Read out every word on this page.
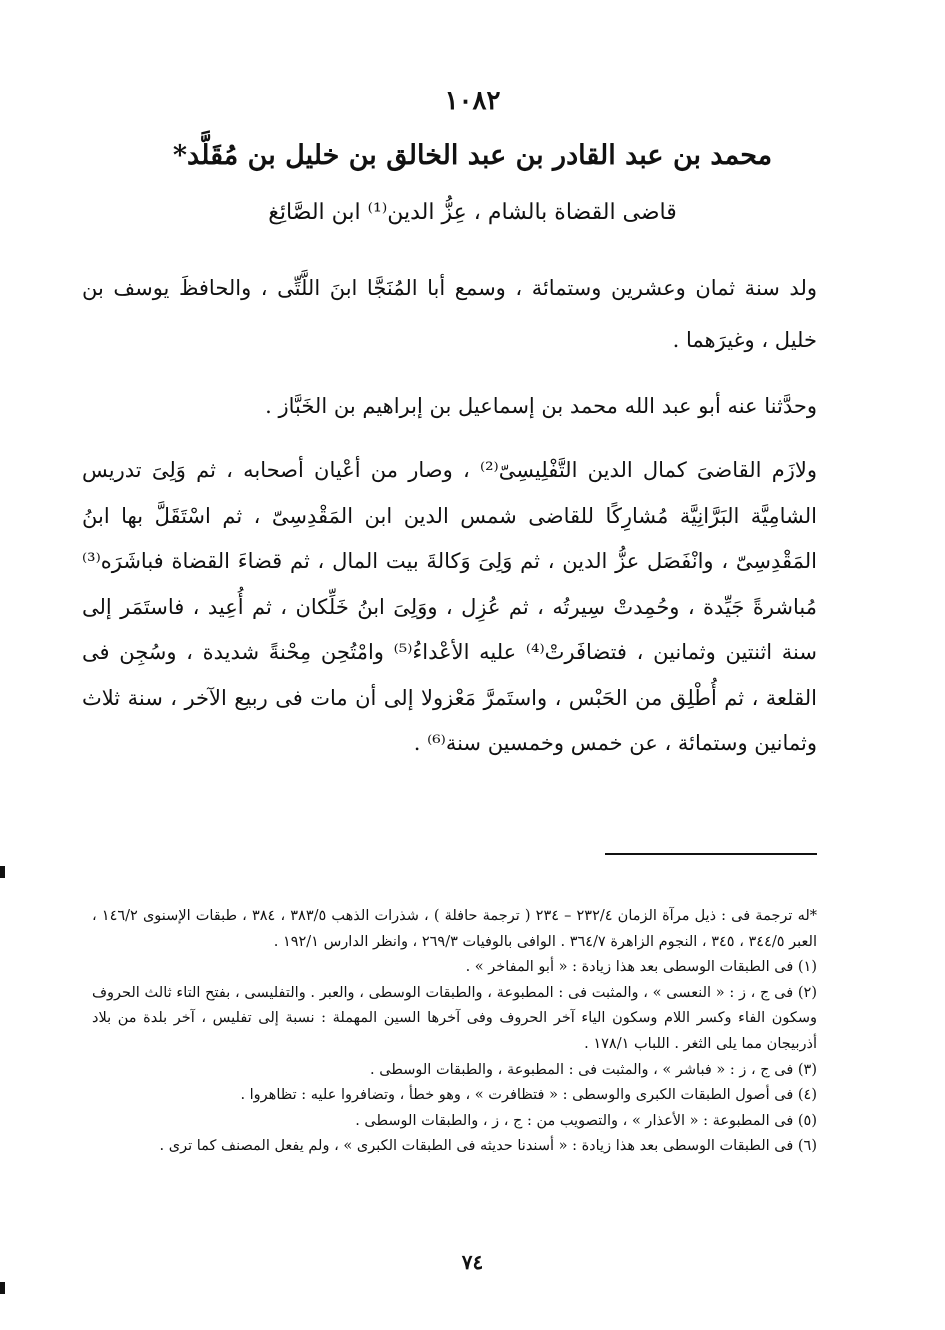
١٠٨٢
محمد بن عبد القادر بن عبد الخالق بن خليل بن مُقَلَّد*
قاضى القضاة بالشام ، عِزُّ الدين⁽¹⁾ ابن الصَّائِغ
ولد سنة ثمان وعشرين وستمائة ، وسمع أبا المُنَجَّا ابنَ اللَّتِّى ، والحافظَ يوسف بن خليل ، وغيرَهما .
وحدَّثنا عنه أبو عبد الله محمد بن إسماعيل بن إبراهيم بن الخَبَّاز .
ولازَم القاضىَ كمال الدين التَّفْلِيسِىّ⁽²⁾ ، وصار من أعْيان أصحابه ، ثم وَلِىَ تدريس الشامِيَّة البَرَّانِيَّة مُشارِكًا للقاضى شمس الدين ابن المَقْدِسِىّ ، ثم اسْتَقَلَّ بها ابنُ المَقْدِسِىّ ، وانْفَصَل عزُّ الدين ، ثم وَلِىَ وَكالةَ بيت المال ، ثم قضاءَ القضاة فباشَرَه⁽³⁾ مُباشرةً جَيِّدة ، وحُمِدتْ سِيرتُه ، ثم عُزِل ، ووَلِىَ ابنُ خَلِّكان ، ثم أُعِيد ، فاستَمَر إلى سنة اثنتين وثمانين ، فتضافَرتْ⁽⁴⁾ عليه الأعْداءُ⁽⁵⁾ وامْتُحِن مِحْنةً شديدة ، وسُجِن فى القلعة ، ثم أُطْلِق من الحَبْس ، واستَمرَّ مَعْزولا إلى أن مات فى ربيع الآخر ، سنة ثلاث وثمانين وستمائة ، عن خمس وخمسين سنة⁽⁶⁾ .
*له ترجمة فى : ذيل مرآة الزمان ٢٣٢/٤ – ٢٣٤ ( ترجمة حافلة ) ، شذرات الذهب ٣٨٣/٥ ، ٣٨٤ ، طبقات الإسنوى ١٤٦/٢ ، العبر ٣٤٤/٥ ، ٣٤٥ ، النجوم الزاهرة ٣٦٤/٧ . الوافى بالوفيات ٢٦٩/٣ ، وانظر الدارس ١٩٢/١ .
(١) فى الطبقات الوسطى بعد هذا زيادة : « أبو المفاخر » .
(٢) فى ج ، ز : « النعسى » ، والمثبت فى : المطبوعة ، والطبقات الوسطى ، والعبر . والتفليسى ، بفتح التاء ثالث الحروف وسكون الفاء وكسر اللام وسكون الياء آخر الحروف وفى آخرها السين المهملة : نسبة إلى تفليس ، آخر بلدة من بلاد أذربيجان مما يلى الثغر . اللباب ١٧٨/١ .
(٣) فى ج ، ز : « فباشر » ، والمثبت فى : المطبوعة ، والطبقات الوسطى .
(٤) فى أصول الطبقات الكبرى والوسطى : « فتظافرت » ، وهو خطأ ، وتضافروا عليه : تظاهروا .
(٥) فى المطبوعة : « الأعذار » ، والتصويب من : ج ، ز ، والطبقات الوسطى .
(٦) فى الطبقات الوسطى بعد هذا زيادة : « أسندنا حديثه فى الطبقات الكبرى » ، ولم يفعل المصنف كما ترى .
٧٤
